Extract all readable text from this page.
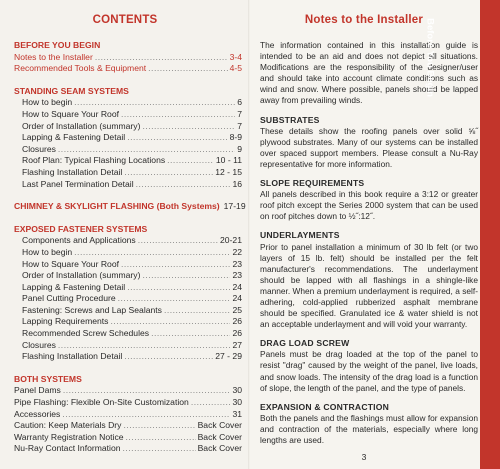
CONTENTS
BEFORE YOU BEGIN
Notes to the Installer .....	3-4
Recommended Tools & Equipment .....	4-5
STANDING SEAM SYSTEMS
How to begin .....	6
How to Square Your Roof .....	7
Order of Installation (summary) .....	7
Lapping & Fastening Detail .....	8-9
Closures .....	9
Roof Plan: Typical Flashing Locations .....	10 - 11
Flashing Installation Detail .....	12 - 15
Last Panel Termination Detail .....	16
CHIMNEY & SKYLIGHT FLASHING (Both Systems) 17-19
EXPOSED FASTENER SYSTEMS
Components and Applications .....	20-21
How to begin .....	22
How to Square Your Roof .....	23
Order of Installation (summary) .....	23
Lapping & Fastening Detail .....	24
Panel Cutting Procedure .....	24
Fastening: Screws and Lap Sealants .....	25
Lapping Requirements .....	26
Recommended Screw Schedules .....	26
Closures .....	27
Flashing Installation Detail .....	27 - 29
BOTH SYSTEMS
Panel Dams .....	30
Pipe Flashing: Flexible On-Site Customization .....	30
Accessories .....	31
Caution: Keep Materials Dry .....	Back Cover
Warranty Registration Notice .....	Back Cover
Nu-Ray Contact Information .....	Back Cover
Notes to the Installer

The information contained in this installation guide is intended to be an aid and does not depict all situations. Modifications are the responsibility of the designer/user and should take into account climate conditions such as wind and snow. Where possible, panels should be lapped away from prevailing winds.

SUBSTRATES

These details show the roofing panels over solid ⅝˝ plywood substrates. Many of our systems can be installed over spaced support members. Please consult a Nu-Ray representative for more information.

SLOPE REQUIREMENTS

All panels described in this book require a 3:12 or greater roof pitch except the Series 2000 system that can be used on roof pitches down to ½˝:12˝.

UNDERLAYMENTS

Prior to panel installation a minimum of 30 lb felt (or two layers of 15 lb. felt) should be installed per the felt manufacturer's recommendations. The underlayment should be lapped with all flashings in a shingle-like manner. When a premium underlayment is required, a self-adhering, cold-applied rubberized asphalt membrane should be specified. Granulated ice & water shield is not an acceptable underlayment and will void your warranty.

DRAG LOAD SCREW

Panels must be drag loaded at the top of the panel to resist "drag" caused by the weight of the panel, live loads, and snow loads. The intensity of the drag load is a function of slope, the length of the panel, and the type of panels.

EXPANSION & CONTRACTION

Both the panels and the flashings must allow for expansion and contraction of the materials, especially where long lengths are used.

3
Before You Begin
